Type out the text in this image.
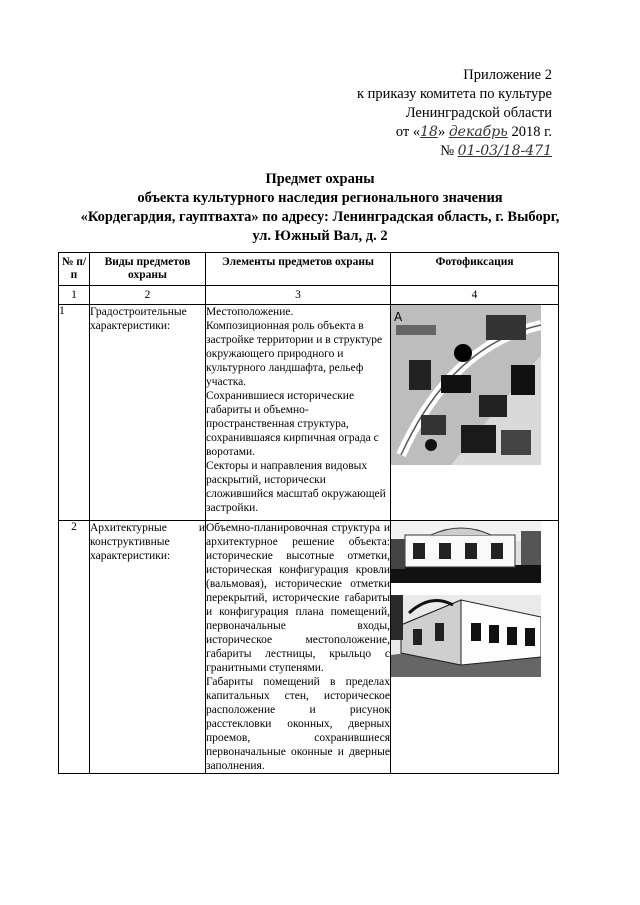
Приложение 2
к приказу комитета по культуре
Ленинградской области
от «18» декабрь 2018 г.
№ 01-03/18-471
Предмет охраны
объекта культурного наследия регионального значения
«Кордегардия, гауптвахта» по адресу: Ленинградская область, г. Выборг,
ул. Южный Вал, д. 2
№ п/п	Виды предметов охраны	Элементы предметов охраны	Фотофиксация
1	2	3	4
1	Градостроительные характеристики:	Местоположение.
Композиционная роль объекта в застройке территории и в структуре окружающего природного и культурного ландшафта, рельеф участка.
Сохранившиеся исторические габариты и объемно-пространственная структура, сохранившаяся кирпичная ограда с воротами.
Секторы и направления видовых раскрытий, исторически сложившийся масштаб окружающей застройки.	A

2	Архитектурные и конструктивные характеристики:	Объемно-планировочная структура и архитектурное решение объекта: исторические высотные отметки, историческая конфигурация кровли (вальмовая), исторические отметки перекрытий, исторические габариты и конфигурация плана помещений, первоначальные входы, историческое местоположение, габариты лестницы, крыльцо с гранитными ступенями.
Габариты помещений в пределах капитальных стен, историческое расположение и рисунок расстекловки оконных, дверных проемов, сохранившиеся первоначальные оконные и дверные заполнения.
